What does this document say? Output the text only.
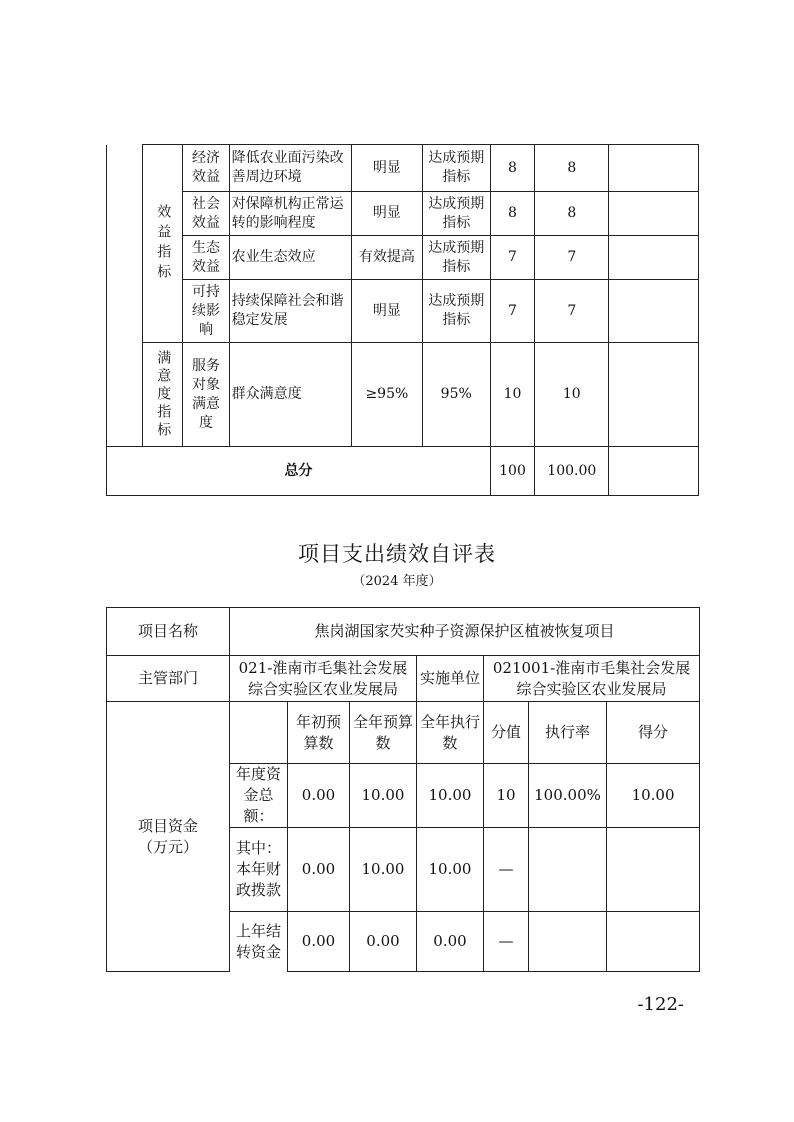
	效益指标	经济效益	降低农业面污染改善周边环境	明显	达成预期指标	8	8	
		社会效益	对保障机构正常运转的影响程度	明显	达成预期指标	8	8	
		生态效益	农业生态效应	有效提高	达成预期指标	7	7	
		可持续影响	持续保障社会和谐稳定发展	明显	达成预期指标	7	7	
	满意度指标	服务对象满意度	群众满意度	≥95%	95%	10	10	
总分						100	100.00	
项目支出绩效自评表
（2024 年度）
项目名称	焦岗湖国家芡实种子资源保护区植被恢复项目						
主管部门	021-淮南市毛集社会发展综合实验区农业发展局			实施单位	021001-淮南市毛集社会发展综合实验区农业发展局		
项目资金（万元）		年初预算数	全年预算数	全年执行数	分值	执行率	得分
	年度资金总额：	0.00	10.00	10.00	10	100.00%	10.00
	其中：本年财政拨款	0.00	10.00	10.00	—		
	上年结转资金	0.00	0.00	0.00	—		
-122-
